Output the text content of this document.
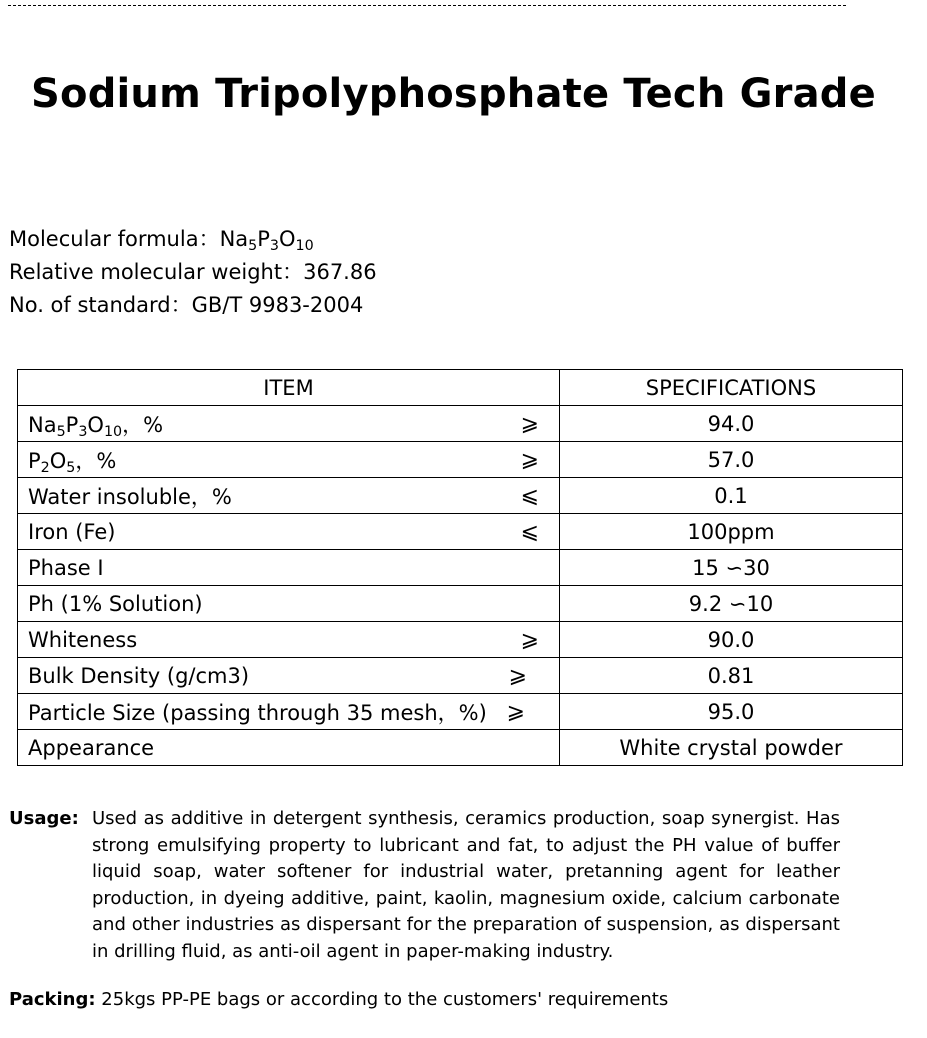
Sodium Tripolyphosphate Tech Grade
Molecular formula：$Na_5P_3O_{10}$
Relative molecular weight：367.86
No. of standard：GB/T 9983-2004
ITEM	SPECIFICATIONS
$Na_5P_3O_{10}$，% ⩾	94.0
$P_2O_5$，% ⩾	57.0
Water insoluble，% ⩽	0.1
Iron (Fe) ⩽	100ppm
Phase Ⅰ	15 ∽30
Ph (1% Solution)	9.2 ∽10
Whiteness ⩾	90.0
Bulk Density (g/cm3) ⩾	0.81
Particle Size (passing through 35 mesh，%) ⩾	95.0
Appearance	White crystal powder
Usage: Used as additive in detergent synthesis, ceramics production, soap synergist. Has strong emulsifying property to lubricant and fat, to adjust the PH value of buffer liquid soap, water softener for industrial water, pretanning agent for leather production, in dyeing additive, paint, kaolin, magnesium oxide, calcium carbonate and other industries as dispersant for the preparation of suspension, as dispersant in drilling fluid, as anti-oil agent in paper-making industry.
Packing: 25kgs PP-PE bags or according to the customers' requirements
